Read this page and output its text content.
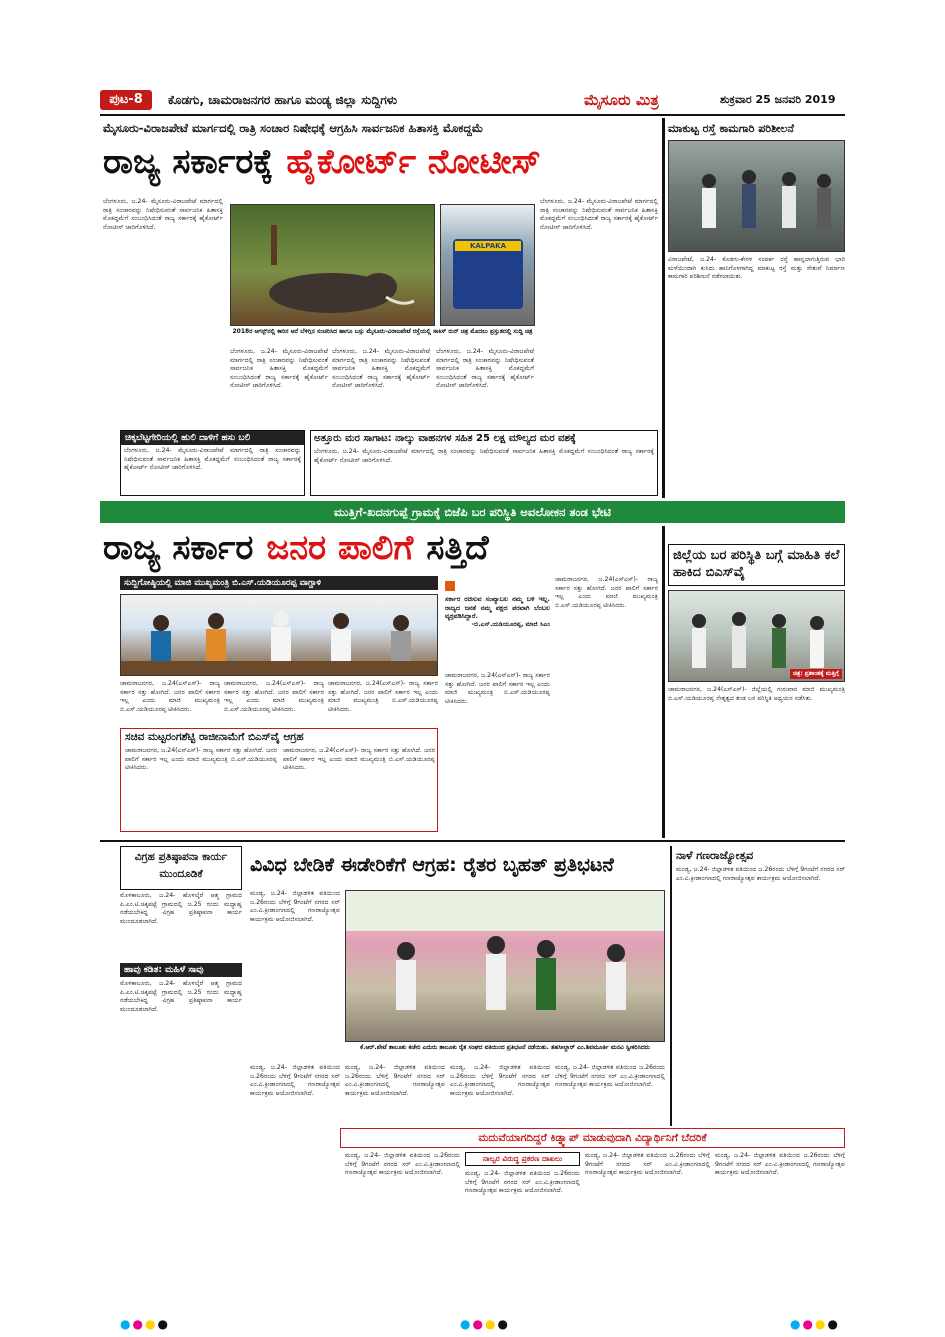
ಪುಟ-8	ಕೊಡಗು, ಚಾಮರಾಜನಗರ ಹಾಗೂ ಮಂಡ್ಯ ಜಿಲ್ಲಾ ಸುದ್ದಿಗಳು	ಮೈಸೂರು ಮಿತ್ರ	ಶುಕ್ರವಾರ 25 ಜನವರಿ 2019
ಮೈಸೂರು-ವಿರಾಜಪೇಟೆ ಮಾರ್ಗದಲ್ಲಿ ರಾತ್ರಿ ಸಂಚಾರ ನಿಷೇಧಕ್ಕೆ ಆಗ್ರಹಿಸಿ ಸಾರ್ವಜನಿಕ ಹಿತಾಸಕ್ತಿ ಮೊಕದ್ದಮೆ
ರಾಜ್ಯ ಸರ್ಕಾರಕ್ಕೆ ಹೈಕೋರ್ಟ್ ನೋಟೀಸ್
ಬೆಂಗಳೂರು, ಜ.24- ಮೈಸೂರು-ವಿರಾಜಪೇಟೆ ಮಾರ್ಗದಲ್ಲಿ ರಾತ್ರಿ ಸಂಚಾರವನ್ನು ನಿಷೇಧಿಸುವಂತೆ ಸಾರ್ವಜನಿಕ ಹಿತಾಸಕ್ತಿ ಮೊಕದ್ದಮೆಗೆ ಸಂಬಂಧಿಸಿದಂತೆ ರಾಜ್ಯ ಸರ್ಕಾರಕ್ಕೆ ಹೈಕೋರ್ಟ್ ನೋಟೀಸ್ ಜಾರಿಗೊಳಿಸಿದೆ.
KALPAKA
2018ರ ಆಗಸ್ಟ್‌ನಲ್ಲಿ ಕಾರಿನ ಆನೆ ಬೆಳಿಗ್ಗಿನ ಸಂಚರಿಸಿದ ಹಾಗೂ ಬಸ್ಸು ಮೈಸೂರು-ವಿರಾಜಪೇಟೆ ರಸ್ತೆಯಲ್ಲಿ ಸಾಕಿಸ್ ರುನ್ ಚಿತ್ರ ಮೊದಲು ಪ್ರಸ್ತುತದಲ್ಲಿ ಸುದ್ದಿ ಚಿತ್ರ
ಬೆಂಗಳೂರು, ಜ.24- ಮೈಸೂರು-ವಿರಾಜಪೇಟೆ ಮಾರ್ಗದಲ್ಲಿ ರಾತ್ರಿ ಸಂಚಾರವನ್ನು ನಿಷೇಧಿಸುವಂತೆ ಸಾರ್ವಜನಿಕ ಹಿತಾಸಕ್ತಿ ಮೊಕದ್ದಮೆಗೆ ಸಂಬಂಧಿಸಿದಂತೆ ರಾಜ್ಯ ಸರ್ಕಾರಕ್ಕೆ ಹೈಕೋರ್ಟ್ ನೋಟೀಸ್ ಜಾರಿಗೊಳಿಸಿದೆ.
ಬೆಂಗಳೂರು, ಜ.24- ಮೈಸೂರು-ವಿರಾಜಪೇಟೆ ಮಾರ್ಗದಲ್ಲಿ ರಾತ್ರಿ ಸಂಚಾರವನ್ನು ನಿಷೇಧಿಸುವಂತೆ ಸಾರ್ವಜನಿಕ ಹಿತಾಸಕ್ತಿ ಮೊಕದ್ದಮೆಗೆ ಸಂಬಂಧಿಸಿದಂತೆ ರಾಜ್ಯ ಸರ್ಕಾರಕ್ಕೆ ಹೈಕೋರ್ಟ್ ನೋಟೀಸ್ ಜಾರಿಗೊಳಿಸಿದೆ.
ಬೆಂಗಳೂರು, ಜ.24- ಮೈಸೂರು-ವಿರಾಜಪೇಟೆ ಮಾರ್ಗದಲ್ಲಿ ರಾತ್ರಿ ಸಂಚಾರವನ್ನು ನಿಷೇಧಿಸುವಂತೆ ಸಾರ್ವಜನಿಕ ಹಿತಾಸಕ್ತಿ ಮೊಕದ್ದಮೆಗೆ ಸಂಬಂಧಿಸಿದಂತೆ ರಾಜ್ಯ ಸರ್ಕಾರಕ್ಕೆ ಹೈಕೋರ್ಟ್ ನೋಟೀಸ್ ಜಾರಿಗೊಳಿಸಿದೆ.
ಬೆಂಗಳೂರು, ಜ.24- ಮೈಸೂರು-ವಿರಾಜಪೇಟೆ ಮಾರ್ಗದಲ್ಲಿ ರಾತ್ರಿ ಸಂಚಾರವನ್ನು ನಿಷೇಧಿಸುವಂತೆ ಸಾರ್ವಜನಿಕ ಹಿತಾಸಕ್ತಿ ಮೊಕದ್ದಮೆಗೆ ಸಂಬಂಧಿಸಿದಂತೆ ರಾಜ್ಯ ಸರ್ಕಾರಕ್ಕೆ ಹೈಕೋರ್ಟ್ ನೋಟೀಸ್ ಜಾರಿಗೊಳಿಸಿದೆ.
ಚಿಕ್ಕಬೆಟ್ಟಗೇರಿಯಲ್ಲಿ ಹುಲಿ ದಾಳಿಗೆ ಹಸು ಬಲಿ
ಬೆಂಗಳೂರು, ಜ.24- ಮೈಸೂರು-ವಿರಾಜಪೇಟೆ ಮಾರ್ಗದಲ್ಲಿ ರಾತ್ರಿ ಸಂಚಾರವನ್ನು ನಿಷೇಧಿಸುವಂತೆ ಸಾರ್ವಜನಿಕ ಹಿತಾಸಕ್ತಿ ಮೊಕದ್ದಮೆಗೆ ಸಂಬಂಧಿಸಿದಂತೆ ರಾಜ್ಯ ಸರ್ಕಾರಕ್ಕೆ ಹೈಕೋರ್ಟ್ ನೋಟೀಸ್ ಜಾರಿಗೊಳಿಸಿದೆ.
ಅತ್ತೂರು ಮರ ಸಾಗಾಟ: ನಾಲ್ಕು ವಾಹನಗಳ ಸಹಿತ 25 ಲಕ್ಷ ಮೌಲ್ಯದ ಮರ ವಶಕ್ಕೆ
ಬೆಂಗಳೂರು, ಜ.24- ಮೈಸೂರು-ವಿರಾಜಪೇಟೆ ಮಾರ್ಗದಲ್ಲಿ ರಾತ್ರಿ ಸಂಚಾರವನ್ನು ನಿಷೇಧಿಸುವಂತೆ ಸಾರ್ವಜನಿಕ ಹಿತಾಸಕ್ತಿ ಮೊಕದ್ದಮೆಗೆ ಸಂಬಂಧಿಸಿದಂತೆ ರಾಜ್ಯ ಸರ್ಕಾರಕ್ಕೆ ಹೈಕೋರ್ಟ್ ನೋಟೀಸ್ ಜಾರಿಗೊಳಿಸಿದೆ.
ಮಾಕುಟ್ಟ ರಸ್ತೆ ಕಾಮಗಾರಿ ಪರಿಶೀಲನೆ
ವಿರಾಜಪೇಟೆ, ಜ.24- ಕೊಡಗು-ಕೇರಳ ಸಂಪರ್ಕ ರಸ್ತೆ ಹಾನ್ನಲಾಗುತ್ತಿರುವ ಭಾರಿ ಮಳೆಯಿಂದಾಗಿ ಕುಸಿದು ಹಾನಿಗೊಳಗಾಗಿದ್ದ ಮಾಕುಟ್ಟ ರಸ್ತೆ ಮತ್ತು ಸೇತುವೆ ನಿರ್ಮಾಣ ಕಾಮಗಾರಿ ಪರಿಶೀಲನೆ ನಡೆಸಲಾಯಿತು.
ಮುತ್ತಿಗೆ-ಖದನಗುಪ್ಪೆ ಗ್ರಾಮಕ್ಕೆ ಬಿಜೆಪಿ ಬರ ಪರಿಸ್ಥಿತಿ ಅವಲೋಕನ ತಂಡ ಭೇಟಿ
ರಾಜ್ಯ ಸರ್ಕಾರ ಜನರ ಪಾಲಿಗೆ ಸತ್ತಿದೆ
ಸುದ್ದಿಗೋಷ್ಠಿಯಲ್ಲಿ ಮಾಜಿ ಮುಖ್ಯಮಂತ್ರಿ ಬಿ.ಎಸ್.ಯಡಿಯೂರಪ್ಪ ವಾಗ್ದಾಳಿ
ಚಾಮರಾಜನಗರ, ಜ.24(ಎಸ್‌ಎಸ್)- ರಾಜ್ಯ ಸರ್ಕಾರ ಸತ್ತು ಹೋಗಿದೆ. ಜನರ ಪಾಲಿಗೆ ಸರ್ಕಾರ ಇಲ್ಲ ಎಂದು ಮಾಜಿ ಮುಖ್ಯಮಂತ್ರಿ ಬಿ.ಎಸ್.ಯಡಿಯೂರಪ್ಪ ಟೀಕಿಸಿದರು.
ಚಾಮರಾಜನಗರ, ಜ.24(ಎಸ್‌ಎಸ್)- ರಾಜ್ಯ ಸರ್ಕಾರ ಸತ್ತು ಹೋಗಿದೆ. ಜನರ ಪಾಲಿಗೆ ಸರ್ಕಾರ ಇಲ್ಲ ಎಂದು ಮಾಜಿ ಮುಖ್ಯಮಂತ್ರಿ ಬಿ.ಎಸ್.ಯಡಿಯೂರಪ್ಪ ಟೀಕಿಸಿದರು.
ಚಾಮರಾಜನಗರ, ಜ.24(ಎಸ್‌ಎಸ್)- ರಾಜ್ಯ ಸರ್ಕಾರ ಸತ್ತು ಹೋಗಿದೆ. ಜನರ ಪಾಲಿಗೆ ಸರ್ಕಾರ ಇಲ್ಲ ಎಂದು ಮಾಜಿ ಮುಖ್ಯಮಂತ್ರಿ ಬಿ.ಎಸ್.ಯಡಿಯೂರಪ್ಪ ಟೀಕಿಸಿದರು.
ಸಚಿವ ಮಟ್ಟರಂಗಶೆಟ್ಟಿ ರಾಜೀನಾಮೆಗೆ ಬಿಎಸ್‌ವೈ ಆಗ್ರಹ
ಚಾಮರಾಜನಗರ, ಜ.24(ಎಸ್‌ಎಸ್)- ರಾಜ್ಯ ಸರ್ಕಾರ ಸತ್ತು ಹೋಗಿದೆ. ಜನರ ಪಾಲಿಗೆ ಸರ್ಕಾರ ಇಲ್ಲ ಎಂದು ಮಾಜಿ ಮುಖ್ಯಮಂತ್ರಿ ಬಿ.ಎಸ್.ಯಡಿಯೂರಪ್ಪ ಟೀಕಿಸಿದರು.
ಚಾಮರಾಜನಗರ, ಜ.24(ಎಸ್‌ಎಸ್)- ರಾಜ್ಯ ಸರ್ಕಾರ ಸತ್ತು ಹೋಗಿದೆ. ಜನರ ಪಾಲಿಗೆ ಸರ್ಕಾರ ಇಲ್ಲ ಎಂದು ಮಾಜಿ ಮುಖ್ಯಮಂತ್ರಿ ಬಿ.ಎಸ್.ಯಡಿಯೂರಪ್ಪ ಟೀಕಿಸಿದರು.
ಸರ್ಕಾರ ರಚಿಸುವ ಸಂಖ್ಯಾಬಲ ನಮ್ಮ ಬಳಿ ಇಲ್ಲ. ರಾಜ್ಯದ ಜನತೆ ನಮ್ಮ ಪಕ್ಷದ ಪರವಾಗಿ ಬೆಂಬಲ ವ್ಯಕ್ತಪಡಿಸಿದ್ದಾರೆ.
-ಬಿ.ಎಸ್.ಯಡಿಯೂರಪ್ಪ, ಮಾಜಿ ಸಿಎಂ
ಚಾಮರಾಜನಗರ, ಜ.24(ಎಸ್‌ಎಸ್)- ರಾಜ್ಯ ಸರ್ಕಾರ ಸತ್ತು ಹೋಗಿದೆ. ಜನರ ಪಾಲಿಗೆ ಸರ್ಕಾರ ಇಲ್ಲ ಎಂದು ಮಾಜಿ ಮುಖ್ಯಮಂತ್ರಿ ಬಿ.ಎಸ್.ಯಡಿಯೂರಪ್ಪ ಟೀಕಿಸಿದರು.
ಚಾಮರಾಜನಗರ, ಜ.24(ಎಸ್‌ಎಸ್)- ರಾಜ್ಯ ಸರ್ಕಾರ ಸತ್ತು ಹೋಗಿದೆ. ಜನರ ಪಾಲಿಗೆ ಸರ್ಕಾರ ಇಲ್ಲ ಎಂದು ಮಾಜಿ ಮುಖ್ಯಮಂತ್ರಿ ಬಿ.ಎಸ್.ಯಡಿಯೂರಪ್ಪ ಟೀಕಿಸಿದರು.
ಜಿಲ್ಲೆಯ ಬರ ಪರಿಸ್ಥಿತಿ ಬಗ್ಗೆ ಮಾಹಿತಿ ಕಲೆ ಹಾಕಿದ ಬಿಎಸ್‌ವೈ
ಚಿತ್ರ: ಪ್ರಶಾಂತಕ್ಕೆ ಮತ್ತಿಗ್ಗೆ
ಚಾಮರಾಜನಗರ, ಜ.24(ಎಸ್‌ಎಸ್)- ಜಿಲ್ಲೆಯಲ್ಲಿ ಗುರುವಾರ ಮಾಜಿ ಮುಖ್ಯಮಂತ್ರಿ ಬಿ.ಎಸ್.ಯಡಿಯೂರಪ್ಪ ನೇತೃತ್ವದ ತಂಡ ಬರ ಪರಿಸ್ಥಿತಿ ಅಧ್ಯಯನ ನಡೆಸಿತು.
ವಿಗ್ರಹ ಪ್ರತಿಷ್ಠಾಪನಾ ಕಾರ್ಯ ಮುಂದೂಡಿಕೆ
ಮೊಳಕಾಲೂರು, ಜ.24- ಹೊಳಲ್ಕೆರೆ ಆತ್ಮ ಗ್ರಾಮದ ಪಿ.ಎಂ.ಟಿ.ಚಿಕ್ಕಪಟ್ಟೆ ಗ್ರಾಮದಲ್ಲಿ ಜ.25 ರಂದು ಮಧ್ಯಾಹ್ನ ನಡೆಯಬೇಕಿದ್ದ ವಿಗ್ರಹ ಪ್ರತಿಷ್ಠಾಪನಾ ಕಾರ್ಯ ಮುಂದೂಡಲಾಗಿದೆ.
ಹಾವು ಕಡಿತ: ಮಹಿಳೆ ಸಾವು
ಮೊಳಕಾಲೂರು, ಜ.24- ಹೊಳಲ್ಕೆರೆ ಆತ್ಮ ಗ್ರಾಮದ ಪಿ.ಎಂ.ಟಿ.ಚಿಕ್ಕಪಟ್ಟೆ ಗ್ರಾಮದಲ್ಲಿ ಜ.25 ರಂದು ಮಧ್ಯಾಹ್ನ ನಡೆಯಬೇಕಿದ್ದ ವಿಗ್ರಹ ಪ್ರತಿಷ್ಠಾಪನಾ ಕಾರ್ಯ ಮುಂದೂಡಲಾಗಿದೆ.
ವಿವಿಧ ಬೇಡಿಕೆ ಈಡೇರಿಕೆಗೆ ಆಗ್ರಹ: ರೈತರ ಬೃಹತ್ ಪ್ರತಿಭಟನೆ
ಮಂಡ್ಯ, ಜ.24- ಜಿಲ್ಲಾಡಳಿತ ವತಿಯಿಂದ ಜ.26ರಂದು ಬೆಳಿಗ್ಗೆ 9ಗಂಟೆಗೆ ನಗರದ ಸರ್ ಎಂ.ವಿ.ಕ್ರೀಡಾಂಗಣದಲ್ಲಿ ಗಣರಾಜ್ಯೋತ್ಸವ ಕಾರ್ಯಕ್ರಮ ಆಯೋಜಿಸಲಾಗಿದೆ.
ಕೆ.ಆರ್.ಪೇಟೆ ತಾಲೂಕು ಕಚೇರಿ ಎದುರು ತಾಲೂಕು ರೈತ ಸಂಘದ ವತಿಯಿಂದ ಪ್ರತಿಭಟನೆ ನಡೆಯಿತು. ತಹಸೀಲ್ದಾರ್ ಎಂ.ಶಿವಮೂರ್ತಿ ಮನವಿ ಸ್ವೀಕರಿಸಿದರು
ಮಂಡ್ಯ, ಜ.24- ಜಿಲ್ಲಾಡಳಿತ ವತಿಯಿಂದ ಜ.26ರಂದು ಬೆಳಿಗ್ಗೆ 9ಗಂಟೆಗೆ ನಗರದ ಸರ್ ಎಂ.ವಿ.ಕ್ರೀಡಾಂಗಣದಲ್ಲಿ ಗಣರಾಜ್ಯೋತ್ಸವ ಕಾರ್ಯಕ್ರಮ ಆಯೋಜಿಸಲಾಗಿದೆ.
ಮಂಡ್ಯ, ಜ.24- ಜಿಲ್ಲಾಡಳಿತ ವತಿಯಿಂದ ಜ.26ರಂದು ಬೆಳಿಗ್ಗೆ 9ಗಂಟೆಗೆ ನಗರದ ಸರ್ ಎಂ.ವಿ.ಕ್ರೀಡಾಂಗಣದಲ್ಲಿ ಗಣರಾಜ್ಯೋತ್ಸವ ಕಾರ್ಯಕ್ರಮ ಆಯೋಜಿಸಲಾಗಿದೆ.
ಮಂಡ್ಯ, ಜ.24- ಜಿಲ್ಲಾಡಳಿತ ವತಿಯಿಂದ ಜ.26ರಂದು ಬೆಳಿಗ್ಗೆ 9ಗಂಟೆಗೆ ನಗರದ ಸರ್ ಎಂ.ವಿ.ಕ್ರೀಡಾಂಗಣದಲ್ಲಿ ಗಣರಾಜ್ಯೋತ್ಸವ ಕಾರ್ಯಕ್ರಮ ಆಯೋಜಿಸಲಾಗಿದೆ.
ಮಂಡ್ಯ, ಜ.24- ಜಿಲ್ಲಾಡಳಿತ ವತಿಯಿಂದ ಜ.26ರಂದು ಬೆಳಿಗ್ಗೆ 9ಗಂಟೆಗೆ ನಗರದ ಸರ್ ಎಂ.ವಿ.ಕ್ರೀಡಾಂಗಣದಲ್ಲಿ ಗಣರಾಜ್ಯೋತ್ಸವ ಕಾರ್ಯಕ್ರಮ ಆಯೋಜಿಸಲಾಗಿದೆ.
ನಾಳೆ ಗಣರಾಜ್ಯೋತ್ಸವ
ಮಂಡ್ಯ, ಜ.24- ಜಿಲ್ಲಾಡಳಿತ ವತಿಯಿಂದ ಜ.26ರಂದು ಬೆಳಿಗ್ಗೆ 9ಗಂಟೆಗೆ ನಗರದ ಸರ್ ಎಂ.ವಿ.ಕ್ರೀಡಾಂಗಣದಲ್ಲಿ ಗಣರಾಜ್ಯೋತ್ಸವ ಕಾರ್ಯಕ್ರಮ ಆಯೋಜಿಸಲಾಗಿದೆ.
ಮದುವೆಯಾಗದಿದ್ದರೆ ಕಿಡ್ನ್ಯಾಪ್ ಮಾಡುವುದಾಗಿ ವಿದ್ಯಾರ್ಥಿನಿಗೆ ಬೆದರಿಕೆ
ಮಂಡ್ಯ, ಜ.24- ಜಿಲ್ಲಾಡಳಿತ ವತಿಯಿಂದ ಜ.26ರಂದು ಬೆಳಿಗ್ಗೆ 9ಗಂಟೆಗೆ ನಗರದ ಸರ್ ಎಂ.ವಿ.ಕ್ರೀಡಾಂಗಣದಲ್ಲಿ ಗಣರಾಜ್ಯೋತ್ಸವ ಕಾರ್ಯಕ್ರಮ ಆಯೋಜಿಸಲಾಗಿದೆ.
ನಾಲ್ವರ ವಿರುದ್ಧ ಪ್ರಕರಣ ದಾಖಲು
ಮಂಡ್ಯ, ಜ.24- ಜಿಲ್ಲಾಡಳಿತ ವತಿಯಿಂದ ಜ.26ರಂದು ಬೆಳಿಗ್ಗೆ 9ಗಂಟೆಗೆ ನಗರದ ಸರ್ ಎಂ.ವಿ.ಕ್ರೀಡಾಂಗಣದಲ್ಲಿ ಗಣರಾಜ್ಯೋತ್ಸವ ಕಾರ್ಯಕ್ರಮ ಆಯೋಜಿಸಲಾಗಿದೆ.
ಮಂಡ್ಯ, ಜ.24- ಜಿಲ್ಲಾಡಳಿತ ವತಿಯಿಂದ ಜ.26ರಂದು ಬೆಳಿಗ್ಗೆ 9ಗಂಟೆಗೆ ನಗರದ ಸರ್ ಎಂ.ವಿ.ಕ್ರೀಡಾಂಗಣದಲ್ಲಿ ಗಣರಾಜ್ಯೋತ್ಸವ ಕಾರ್ಯಕ್ರಮ ಆಯೋಜಿಸಲಾಗಿದೆ.
ಮಂಡ್ಯ, ಜ.24- ಜಿಲ್ಲಾಡಳಿತ ವತಿಯಿಂದ ಜ.26ರಂದು ಬೆಳಿಗ್ಗೆ 9ಗಂಟೆಗೆ ನಗರದ ಸರ್ ಎಂ.ವಿ.ಕ್ರೀಡಾಂಗಣದಲ್ಲಿ ಗಣರಾಜ್ಯೋತ್ಸವ ಕಾರ್ಯಕ್ರಮ ಆಯೋಜಿಸಲಾಗಿದೆ.
●●●●	●●●●	●●●●
